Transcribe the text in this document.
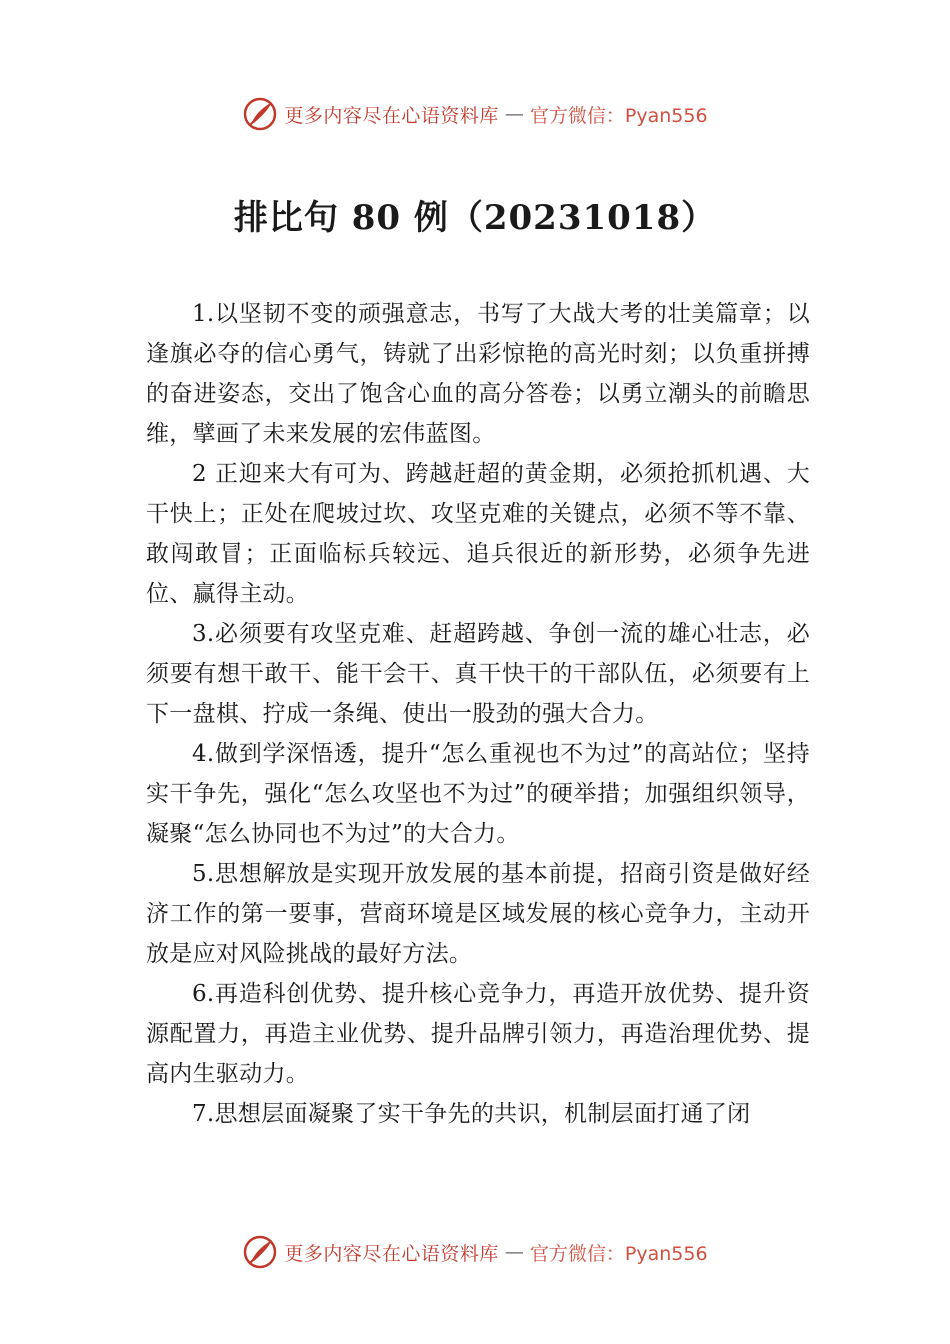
更多内容尽在心语资料库 — 官方微信：Pyan556
排比句 80 例（20231018）

1.以坚韧不变的顽强意志，书写了大战大考的壮美篇章；以逢旗必夺的信心勇气，铸就了出彩惊艳的高光时刻；以负重拼搏的奋进姿态，交出了饱含心血的高分答卷；以勇立潮头的前瞻思维，擘画了未来发展的宏伟蓝图。

2 正迎来大有可为、跨越赶超的黄金期，必须抢抓机遇、大干快上；正处在爬坡过坎、攻坚克难的关键点，必须不等不靠、敢闯敢冒；正面临标兵较远、追兵很近的新形势，必须争先进位、赢得主动。

3.必须要有攻坚克难、赶超跨越、争创一流的雄心壮志，必须要有想干敢干、能干会干、真干快干的干部队伍，必须要有上下一盘棋、拧成一条绳、使出一股劲的强大合力。

4.做到学深悟透，提升“怎么重视也不为过”的高站位；坚持实干争先，强化“怎么攻坚也不为过”的硬举措；加强组织领导，凝聚“怎么协同也不为过”的大合力。

5.思想解放是实现开放发展的基本前提，招商引资是做好经济工作的第一要事，营商环境是区域发展的核心竞争力，主动开放是应对风险挑战的最好方法。

6.再造科创优势、提升核心竞争力，再造开放优势、提升资源配置力，再造主业优势、提升品牌引领力，再造治理优势、提高内生驱动力。

7.思想层面凝聚了实干争先的共识，机制层面打通了闭

更多内容尽在心语资料库 — 官方微信：Pyan556
